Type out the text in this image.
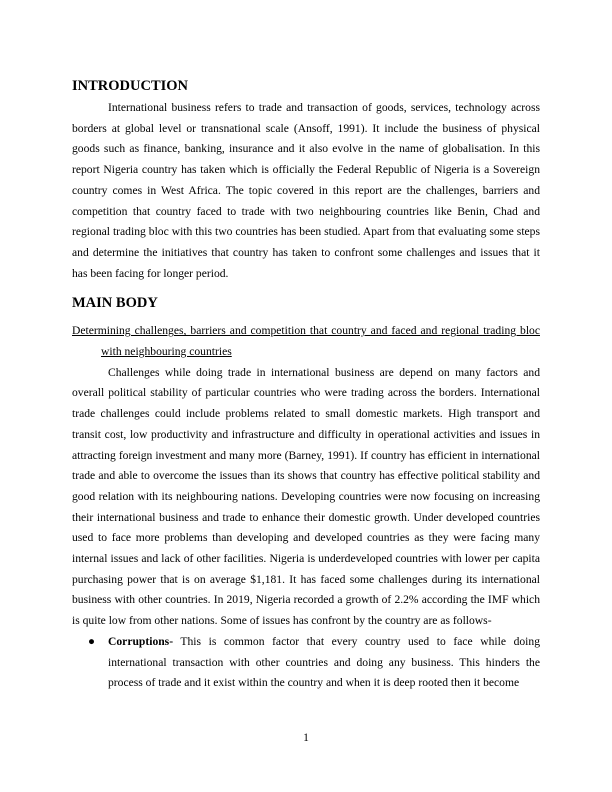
INTRODUCTION

International business refers to trade and transaction of goods, services, technology across borders at global level or transnational scale (Ansoff, 1991). It include the business of physical goods such as finance, banking, insurance and it also evolve in the name of globalisation. In this report Nigeria country has taken which is officially the Federal Republic of Nigeria is a Sovereign country comes in West Africa. The topic covered in this report are the challenges, barriers and competition that country faced to trade with two neighbouring countries like Benin, Chad and regional trading bloc with this two countries has been studied. Apart from that evaluating some steps and determine the initiatives that country has taken to confront some challenges and issues that it has been facing for longer period.

MAIN BODY

Determining challenges, barriers and competition that country and faced and regional trading bloc with neighbouring countries

Challenges while doing trade in international business are depend on many factors and overall political stability of particular countries who were trading across the borders. International trade challenges could include problems related to small domestic markets. High transport and transit cost, low productivity and infrastructure and difficulty in operational activities and issues in attracting foreign investment and many more (Barney, 1991). If country has efficient in international trade and able to overcome the issues than its shows that country has effective political stability and good relation with its neighbouring nations. Developing countries were now focusing on increasing their international business and trade to enhance their domestic growth. Under developed countries used to face more problems than developing and developed countries as they were facing many internal issues and lack of other facilities. Nigeria is underdeveloped countries with lower per capita purchasing power that is on average $1,181. It has faced some challenges during its international business with other countries. In 2019, Nigeria recorded a growth of 2.2% according the IMF which is quite low from other nations. Some of issues has confront by the country are as follows-

● Corruptions- This is common factor that every country used to face while doing international transaction with other countries and doing any business. This hinders the process of trade and it exist within the country and when it is deep rooted then it become
1
